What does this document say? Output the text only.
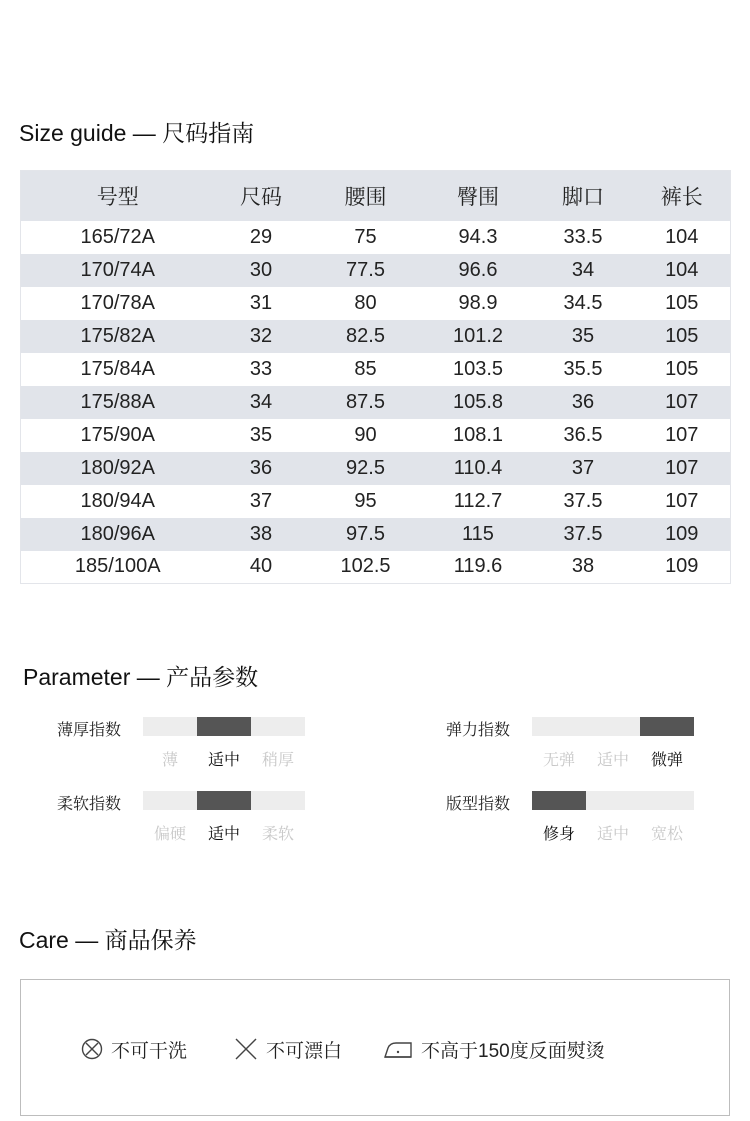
Size guide — 尺码指南
号型	尺码	腰围	臀围	脚口	裤长
165/72A	29	75	94.3	33.5	104
170/74A	30	77.5	96.6	34	104
170/78A	31	80	98.9	34.5	105
175/82A	32	82.5	101.2	35	105
175/84A	33	85	103.5	35.5	105
175/88A	34	87.5	105.8	36	107
175/90A	35	90	108.1	36.5	107
180/92A	36	92.5	110.4	37	107
180/94A	37	95	112.7	37.5	107
180/96A	38	97.5	115	37.5	109
185/100A	40	102.5	119.6	38	109
Parameter — 产品参数
薄厚指数
薄	适中	稍厚
弹力指数
无弹	适中	微弹
柔软指数
偏硬	适中	柔软
版型指数
修身	适中	宽松
Care — 商品保养
不可干洗	不可漂白	不高于150度反面熨烫
